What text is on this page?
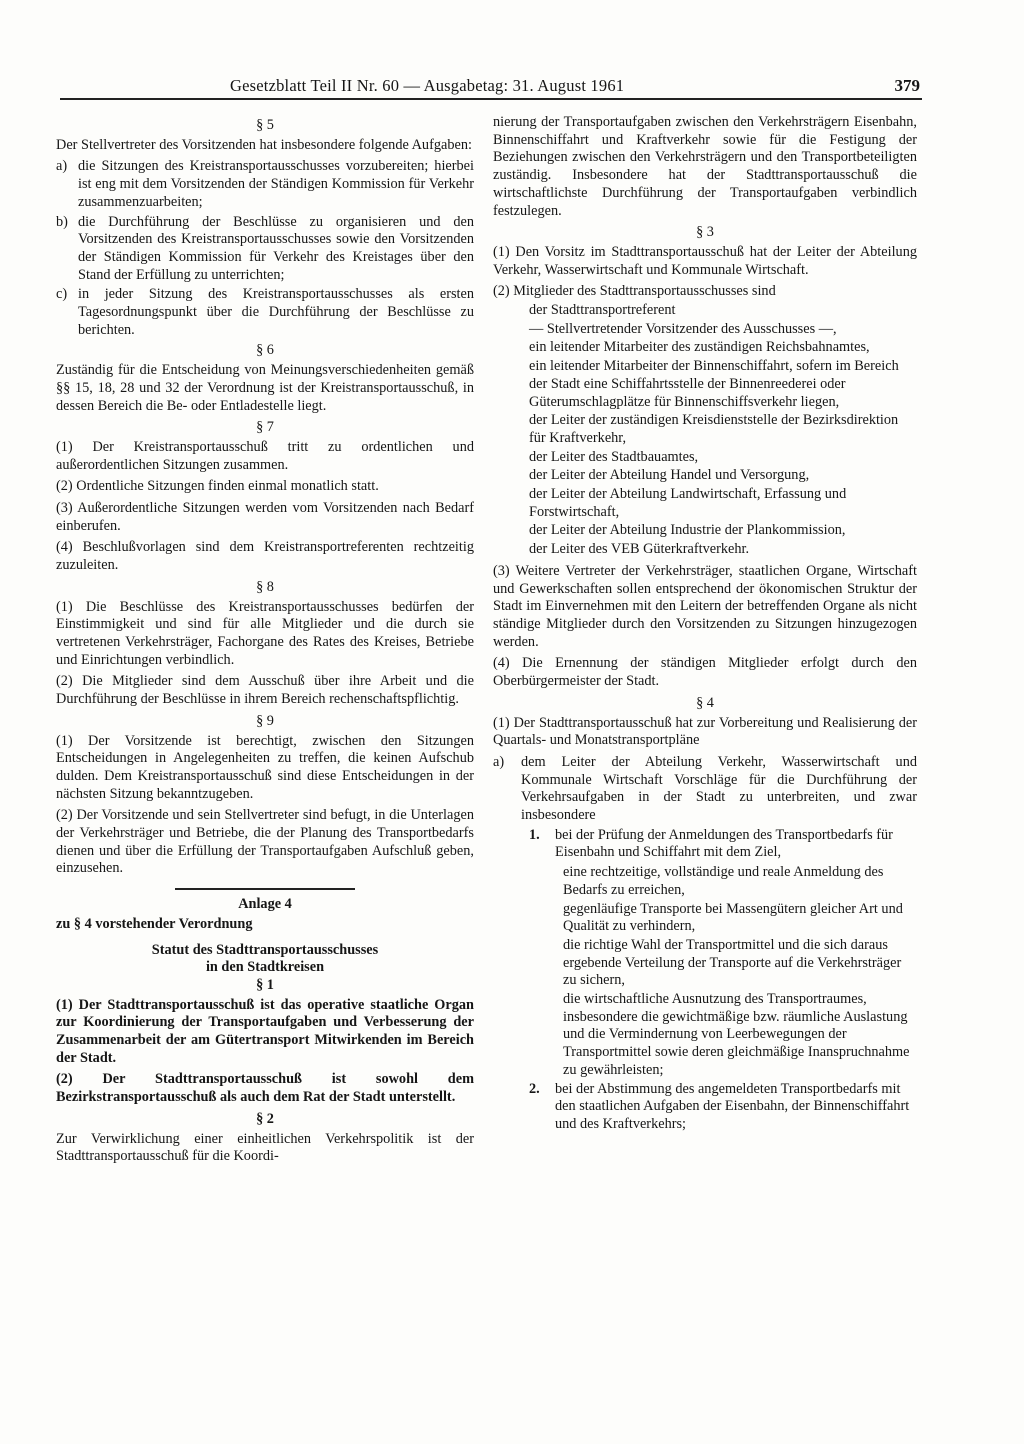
Gesetzblatt Teil II Nr. 60 — Ausgabetag: 31. August 1961	379
§ 5

Der Stellvertreter des Vorsitzenden hat insbesondere folgende Aufgaben:

a) die Sitzungen des Kreistransportausschusses vorzubereiten; hierbei ist eng mit dem Vorsitzenden der Ständigen Kommission für Verkehr zusammenzuarbeiten;
b) die Durchführung der Beschlüsse zu organisieren und den Vorsitzenden des Kreistransportausschusses sowie den Vorsitzenden der Ständigen Kommission für Verkehr des Kreistages über den Stand der Erfüllung zu unterrichten;
c) in jeder Sitzung des Kreistransportausschusses als ersten Tagesordnungspunkt über die Durchführung der Beschlüsse zu berichten.
§ 6

Zuständig für die Entscheidung von Meinungsverschiedenheiten gemäß §§ 15, 18, 28 und 32 der Verordnung ist der Kreistransportausschuß, in dessen Bereich die Be- oder Entladestelle liegt.

§ 7

(1) Der Kreistransportausschuß tritt zu ordentlichen und außerordentlichen Sitzungen zusammen.

(2) Ordentliche Sitzungen finden einmal monatlich statt.

(3) Außerordentliche Sitzungen werden vom Vorsitzenden nach Bedarf einberufen.

(4) Beschlußvorlagen sind dem Kreistransportreferenten rechtzeitig zuzuleiten.

§ 8

(1) Die Beschlüsse des Kreistransportausschusses bedürfen der Einstimmigkeit und sind für alle Mitglieder und die durch sie vertretenen Verkehrsträger, Fachorgane des Rates des Kreises, Betriebe und Einrichtungen verbindlich.

(2) Die Mitglieder sind dem Ausschuß über ihre Arbeit und die Durchführung der Beschlüsse in ihrem Bereich rechenschaftspflichtig.

§ 9

(1) Der Vorsitzende ist berechtigt, zwischen den Sitzungen Entscheidungen in Angelegenheiten zu treffen, die keinen Aufschub dulden. Dem Kreistransportausschuß sind diese Entscheidungen in der nächsten Sitzung bekanntzugeben.

(2) Der Vorsitzende und sein Stellvertreter sind befugt, in die Unterlagen der Verkehrsträger und Betriebe, die der Planung des Transportbedarfs dienen und über die Erfüllung der Transportaufgaben Aufschluß geben, einzusehen.

Anlage 4
zu § 4 vorstehender Verordnung
Statut des Stadttransportausschusses
in den Stadtkreisen
§ 1

(1) Der Stadttransportausschuß ist das operative staatliche Organ zur Koordinierung der Transportaufgaben und Verbesserung der Zusammenarbeit der am Gütertransport Mitwirkenden im Bereich der Stadt.

(2) Der Stadttransportausschuß ist sowohl dem Bezirkstransportausschuß als auch dem Rat der Stadt unterstellt.

§ 2

Zur Verwirklichung einer einheitlichen Verkehrspolitik ist der Stadttransportausschuß für die Koordi-

nierung der Transportaufgaben zwischen den Verkehrsträgern Eisenbahn, Binnenschiffahrt und Kraftverkehr sowie für die Festigung der Beziehungen zwischen den Verkehrsträgern und den Transportbeteiligten zuständig. Insbesondere hat der Stadttransportausschuß die wirtschaftlichste Durchführung der Transportaufgaben verbindlich festzulegen.

§ 3

(1) Den Vorsitz im Stadttransportausschuß hat der Leiter der Abteilung Verkehr, Wasserwirtschaft und Kommunale Wirtschaft.

(2) Mitglieder des Stadttransportausschusses sind

der Stadttransportreferent
— Stellvertretender Vorsitzender des Ausschusses —,
ein leitender Mitarbeiter des zuständigen Reichsbahnamtes,
ein leitender Mitarbeiter der Binnenschiffahrt, sofern im Bereich der Stadt eine Schiffahrtsstelle der Binnenreederei oder Güterumschlagplätze für Binnenschiffsverkehr liegen,
der Leiter der zuständigen Kreisdienststelle der Bezirksdirektion für Kraftverkehr,
der Leiter des Stadtbauamtes,
der Leiter der Abteilung Handel und Versorgung,
der Leiter der Abteilung Landwirtschaft, Erfassung und Forstwirtschaft,
der Leiter der Abteilung Industrie der Plankommission,
der Leiter des VEB Güterkraftverkehr.

(3) Weitere Vertreter der Verkehrsträger, staatlichen Organe, Wirtschaft und Gewerkschaften sollen entsprechend der ökonomischen Struktur der Stadt im Einvernehmen mit den Leitern der betreffenden Organe als nicht ständige Mitglieder durch den Vorsitzenden zu Sitzungen hinzugezogen werden.

(4) Die Ernennung der ständigen Mitglieder erfolgt durch den Oberbürgermeister der Stadt.

§ 4

(1) Der Stadttransportausschuß hat zur Vorbereitung und Realisierung der Quartals- und Monatstransportpläne

a)	dem Leiter der Abteilung Verkehr, Wasserwirtschaft und Kommunale Wirtschaft Vorschläge für die Durchführung der Verkehrsaufgaben in der Stadt zu unterbreiten, und zwar insbesondere
1.	bei der Prüfung der Anmeldungen des Transportbedarfs für Eisenbahn und Schiffahrt mit dem Ziel,
eine rechtzeitige, vollständige und reale Anmeldung des Bedarfs zu erreichen,
gegenläufige Transporte bei Massengütern gleicher Art und Qualität zu verhindern,
die richtige Wahl der Transportmittel und die sich daraus ergebende Verteilung der Transporte auf die Verkehrsträger zu sichern,
die wirtschaftliche Ausnutzung des Transportraumes, insbesondere die gewichtmäßige bzw. räumliche Auslastung und die Vermindernung von Leerbewegungen der Transportmittel sowie deren gleichmäßige Inanspruchnahme zu gewährleisten;
2.	bei der Abstimmung des angemeldeten Transportbedarfs mit den staatlichen Aufgaben der Eisenbahn, der Binnenschiffahrt und des Kraftverkehrs;
